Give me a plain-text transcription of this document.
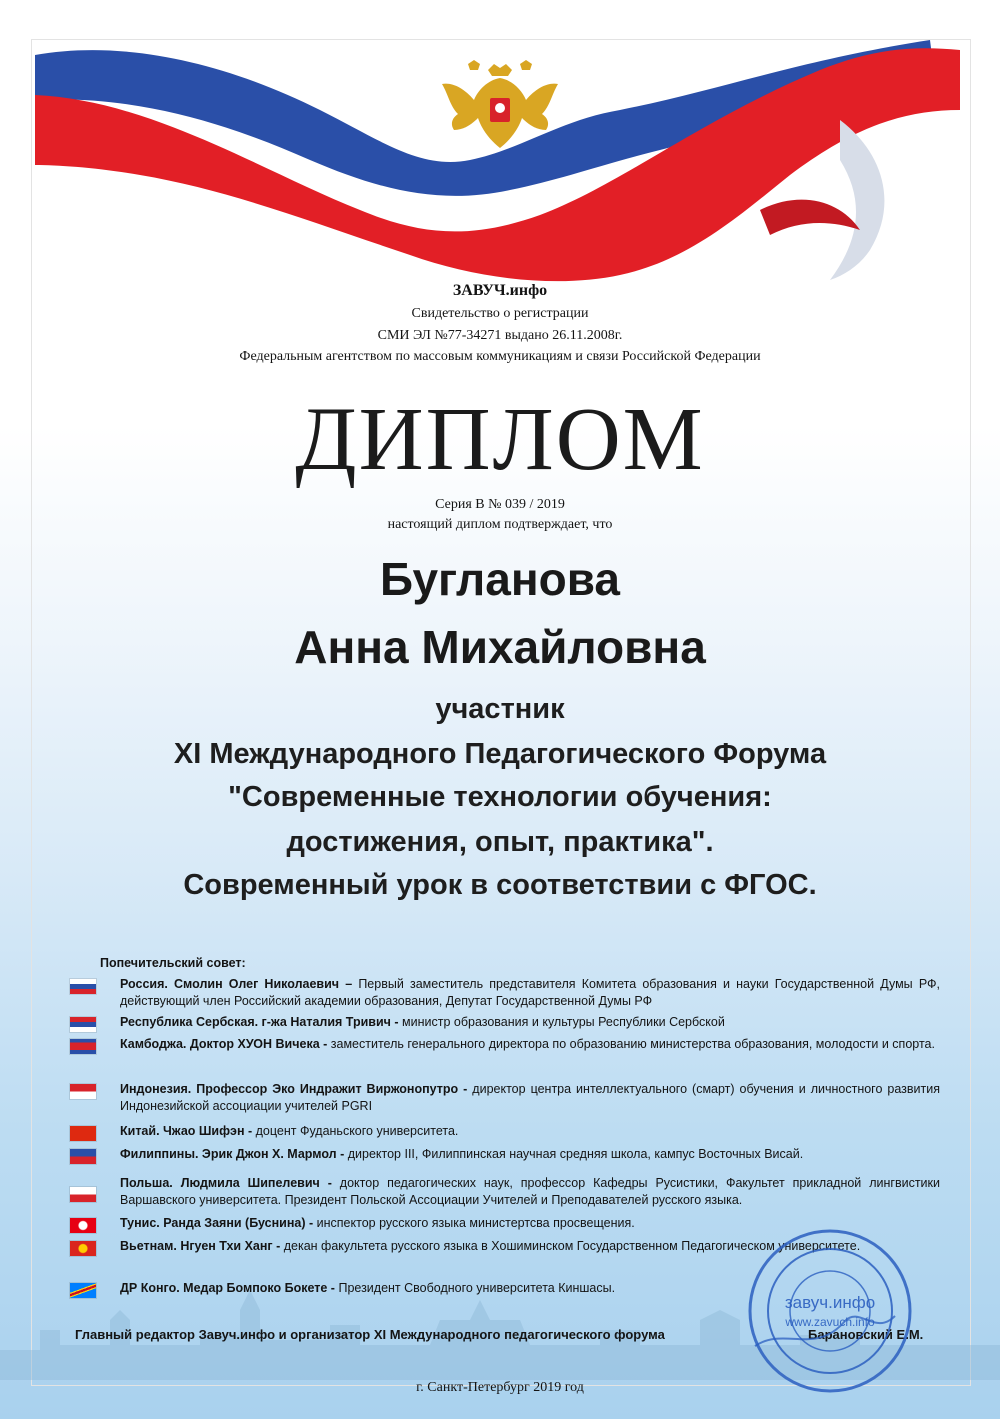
ЗАВУЧ.инфо
Свидетельство о регистрации
СМИ ЭЛ №77-34271 выдано 26.11.2008г.
Федеральным агентством по массовым коммуникациям и связи Российской Федерации
ДИПЛОМ
Серия В № 039 / 2019
настоящий диплом подтверждает, что
Бугланова
Анна Михайловна
участник
XI Международного Педагогического Форума
"Современные технологии обучения:
достижения, опыт, практика".
Современный урок в соответствии с ФГОС.
Попечительский совет:
Россия. Смолин Олег Николаевич – Первый заместитель представителя Комитета образования и науки Государственной Думы РФ, действующий член Российский академии образования, Депутат Государственной Думы РФ
Республика Сербская. г-жа Наталия Тривич - министр образования и культуры Республики Сербской
Камбоджа. Доктор ХУОН Вичека - заместитель генерального директора по образованию министерства образования, молодости и спорта.
Индонезия. Профессор Эко Индражит Виржонопутро - директор центра интеллектуального (смарт) обучения и личностного развития Индонезийской ассоциации учителей PGRI
Китай. Чжао Шифэн - доцент Фуданьского университета.
Филиппины. Эрик Джон Х. Мармол - директор III, Филиппинская научная средняя школа, кампус Восточных Висай.
Польша. Людмила Шипелевич - доктор педагогических наук, профессор Кафедры Русистики, Факультет прикладной лингвистики Варшавского университета. Президент Польской Ассоциации Учителей и Преподавателей русского языка.
Тунис. Ранда Заяни (Буснина) - инспектор русского языка министертсва просвещения.
Вьетнам. Нгуен Тхи Ханг - декан факультета русского языка в Хошиминском Государственном Педагогическом университете.
ДР Конго. Медар Бомпоко Бокете - Президент Свободного университета Киншасы.
Главный редактор Завуч.инфо и организатор XI Международного педагогического форума	Барановский Е.М.
завуч.инфо
www.zavuch.info
г. Санкт-Петербург 2019 год
